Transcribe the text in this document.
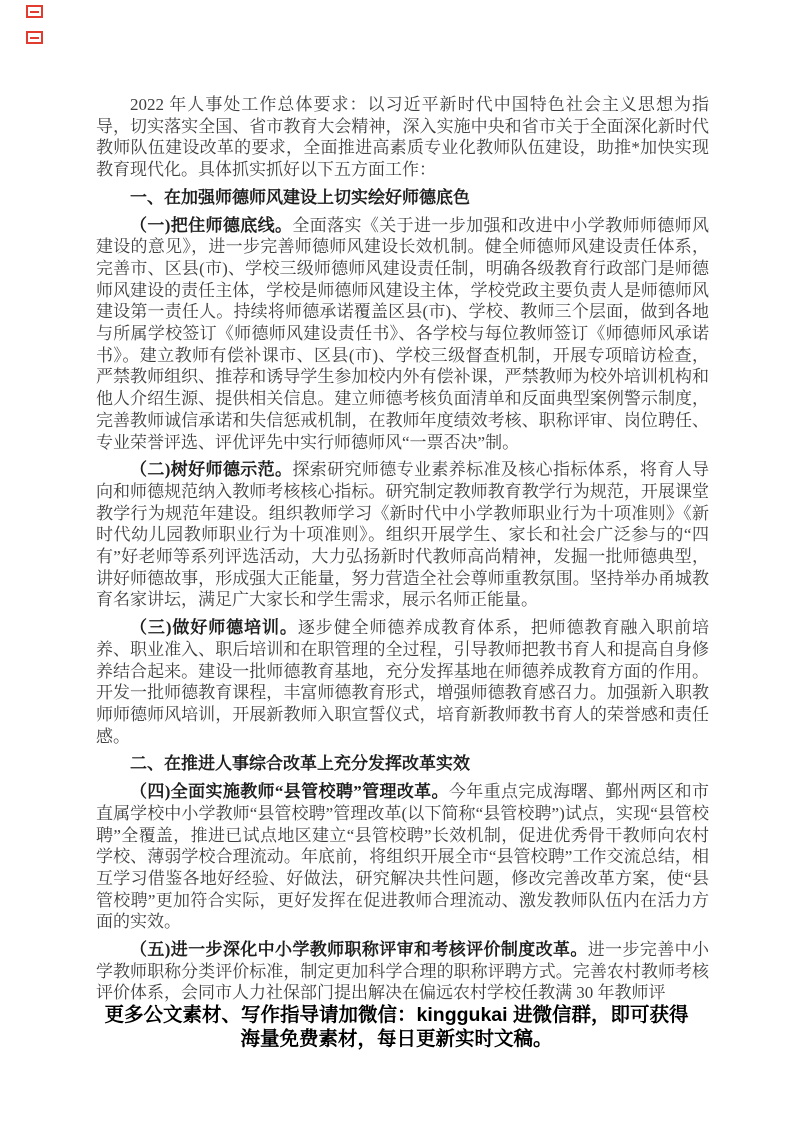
2022 年人事处工作总体要求：以习近平新时代中国特色社会主义思想为指导，切实落实全国、省市教育大会精神，深入实施中央和省市关于全面深化新时代教师队伍建设改革的要求，全面推进高素质专业化教师队伍建设，助推*加快实现教育现代化。具体抓实抓好以下五方面工作：

一、在加强师德师风建设上切实绘好师德底色

（一)把住师德底线。全面落实《关于进一步加强和改进中小学教师师德师风建设的意见》，进一步完善师德师风建设长效机制。健全师德师风建设责任体系，完善市、区县(市)、学校三级师德师风建设责任制，明确各级教育行政部门是师德师风建设的责任主体，学校是师德师风建设主体，学校党政主要负责人是师德师风建设第一责任人。持续将师德承诺覆盖区县(市)、学校、教师三个层面，做到各地与所属学校签订《师德师风建设责任书》、各学校与每位教师签订《师德师风承诺书》。建立教师有偿补课市、区县(市)、学校三级督查机制，开展专项暗访检查，严禁教师组织、推荐和诱导学生参加校内外有偿补课，严禁教师为校外培训机构和他人介绍生源、提供相关信息。建立师德考核负面清单和反面典型案例警示制度，完善教师诚信承诺和失信惩戒机制，在教师年度绩效考核、职称评审、岗位聘任、专业荣誉评选、评优评先中实行师德师风“一票否决”制。

（二)树好师德示范。探索研究师德专业素养标准及核心指标体系，将育人导向和师德规范纳入教师考核核心指标。研究制定教师教育教学行为规范，开展课堂教学行为规范年建设。组织教师学习《新时代中小学教师职业行为十项准则》《新时代幼儿园教师职业行为十项准则》。组织开展学生、家长和社会广泛参与的“四有”好老师等系列评选活动，大力弘扬新时代教师高尚精神，发掘一批师德典型，讲好师德故事，形成强大正能量，努力营造全社会尊师重教氛围。坚持举办甬城教育名家讲坛，满足广大家长和学生需求，展示名师正能量。

（三)做好师德培训。逐步健全师德养成教育体系，把师德教育融入职前培养、职业准入、职后培训和在职管理的全过程，引导教师把教书育人和提高自身修养结合起来。建设一批师德教育基地，充分发挥基地在师德养成教育方面的作用。开发一批师德教育课程，丰富师德教育形式，增强师德教育感召力。加强新入职教师师德师风培训，开展新教师入职宣誓仪式，培育新教师教书育人的荣誉感和责任感。

二、在推进人事综合改革上充分发挥改革实效

（四)全面实施教师“县管校聘”管理改革。今年重点完成海曙、鄞州两区和市直属学校中小学教师“县管校聘”管理改革(以下简称“县管校聘”)试点，实现“县管校聘”全覆盖，推进已试点地区建立“县管校聘”长效机制，促进优秀骨干教师向农村学校、薄弱学校合理流动。年底前，将组织开展全市“县管校聘”工作交流总结，相互学习借鉴各地好经验、好做法，研究解决共性问题，修改完善改革方案，使“县管校聘”更加符合实际，更好发挥在促进教师合理流动、激发教师队伍内在活力方面的实效。

（五)进一步深化中小学教师职称评审和考核评价制度改革。进一步完善中小学教师职称分类评价标准，制定更加科学合理的职称评聘方式。完善农村教师考核评价体系，会同市人力社保部门提出解决在偏远农村学校任教满 30 年教师评

更多公文素材、写作指导请加微信：kinggukai 进微信群，即可获得
海量免费素材，每日更新实时文稿。
